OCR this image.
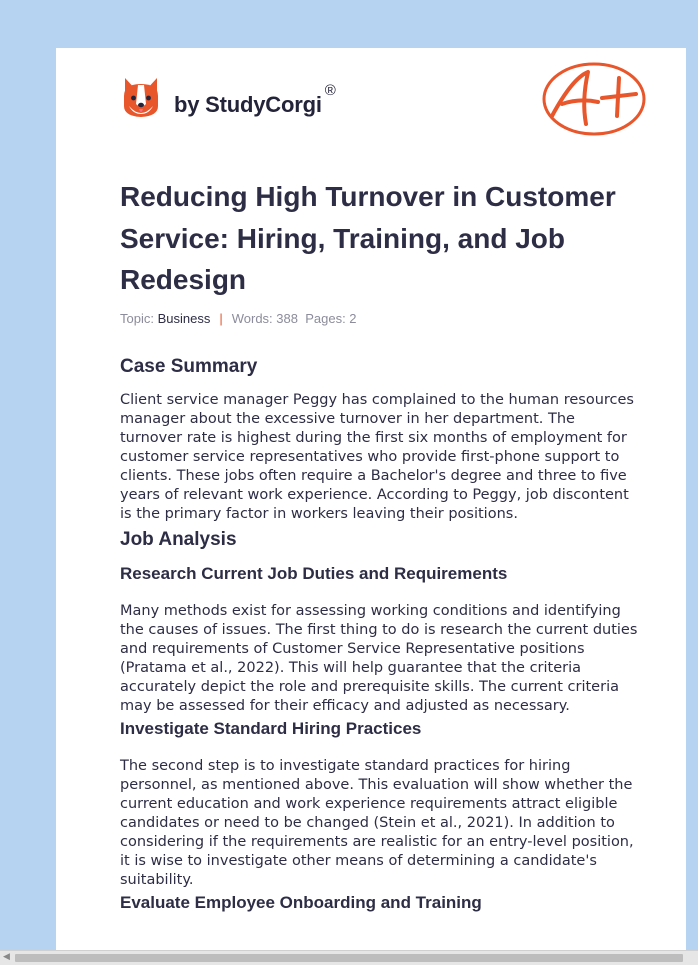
by StudyCorgi
®
Reducing High Turnover in Customer Service: Hiring, Training, and Job Redesign
Topic: Business | Words: 388 Pages: 2
Case Summary

Client service manager Peggy has complained to the human resources manager about the excessive turnover in her department. The turnover rate is highest during the first six months of employment for customer service representatives who provide first-phone support to clients. These jobs often require a Bachelor's degree and three to five years of relevant work experience. According to Peggy, job discontent is the primary factor in workers leaving their positions.

Job Analysis
Research Current Job Duties and Requirements

Many methods exist for assessing working conditions and identifying the causes of issues. The first thing to do is research the current duties and requirements of Customer Service Representative positions (Pratama et al., 2022). This will help guarantee that the criteria accurately depict the role and prerequisite skills. The current criteria may be assessed for their efficacy and adjusted as necessary.

Investigate Standard Hiring Practices

The second step is to investigate standard practices for hiring personnel, as mentioned above. This evaluation will show whether the current education and work experience requirements attract eligible candidates or need to be changed (Stein et al., 2021). In addition to considering if the requirements are realistic for an entry-level position, it is wise to investigate other means of determining a candidate's suitability.

Evaluate Employee Onboarding and Training
◀
